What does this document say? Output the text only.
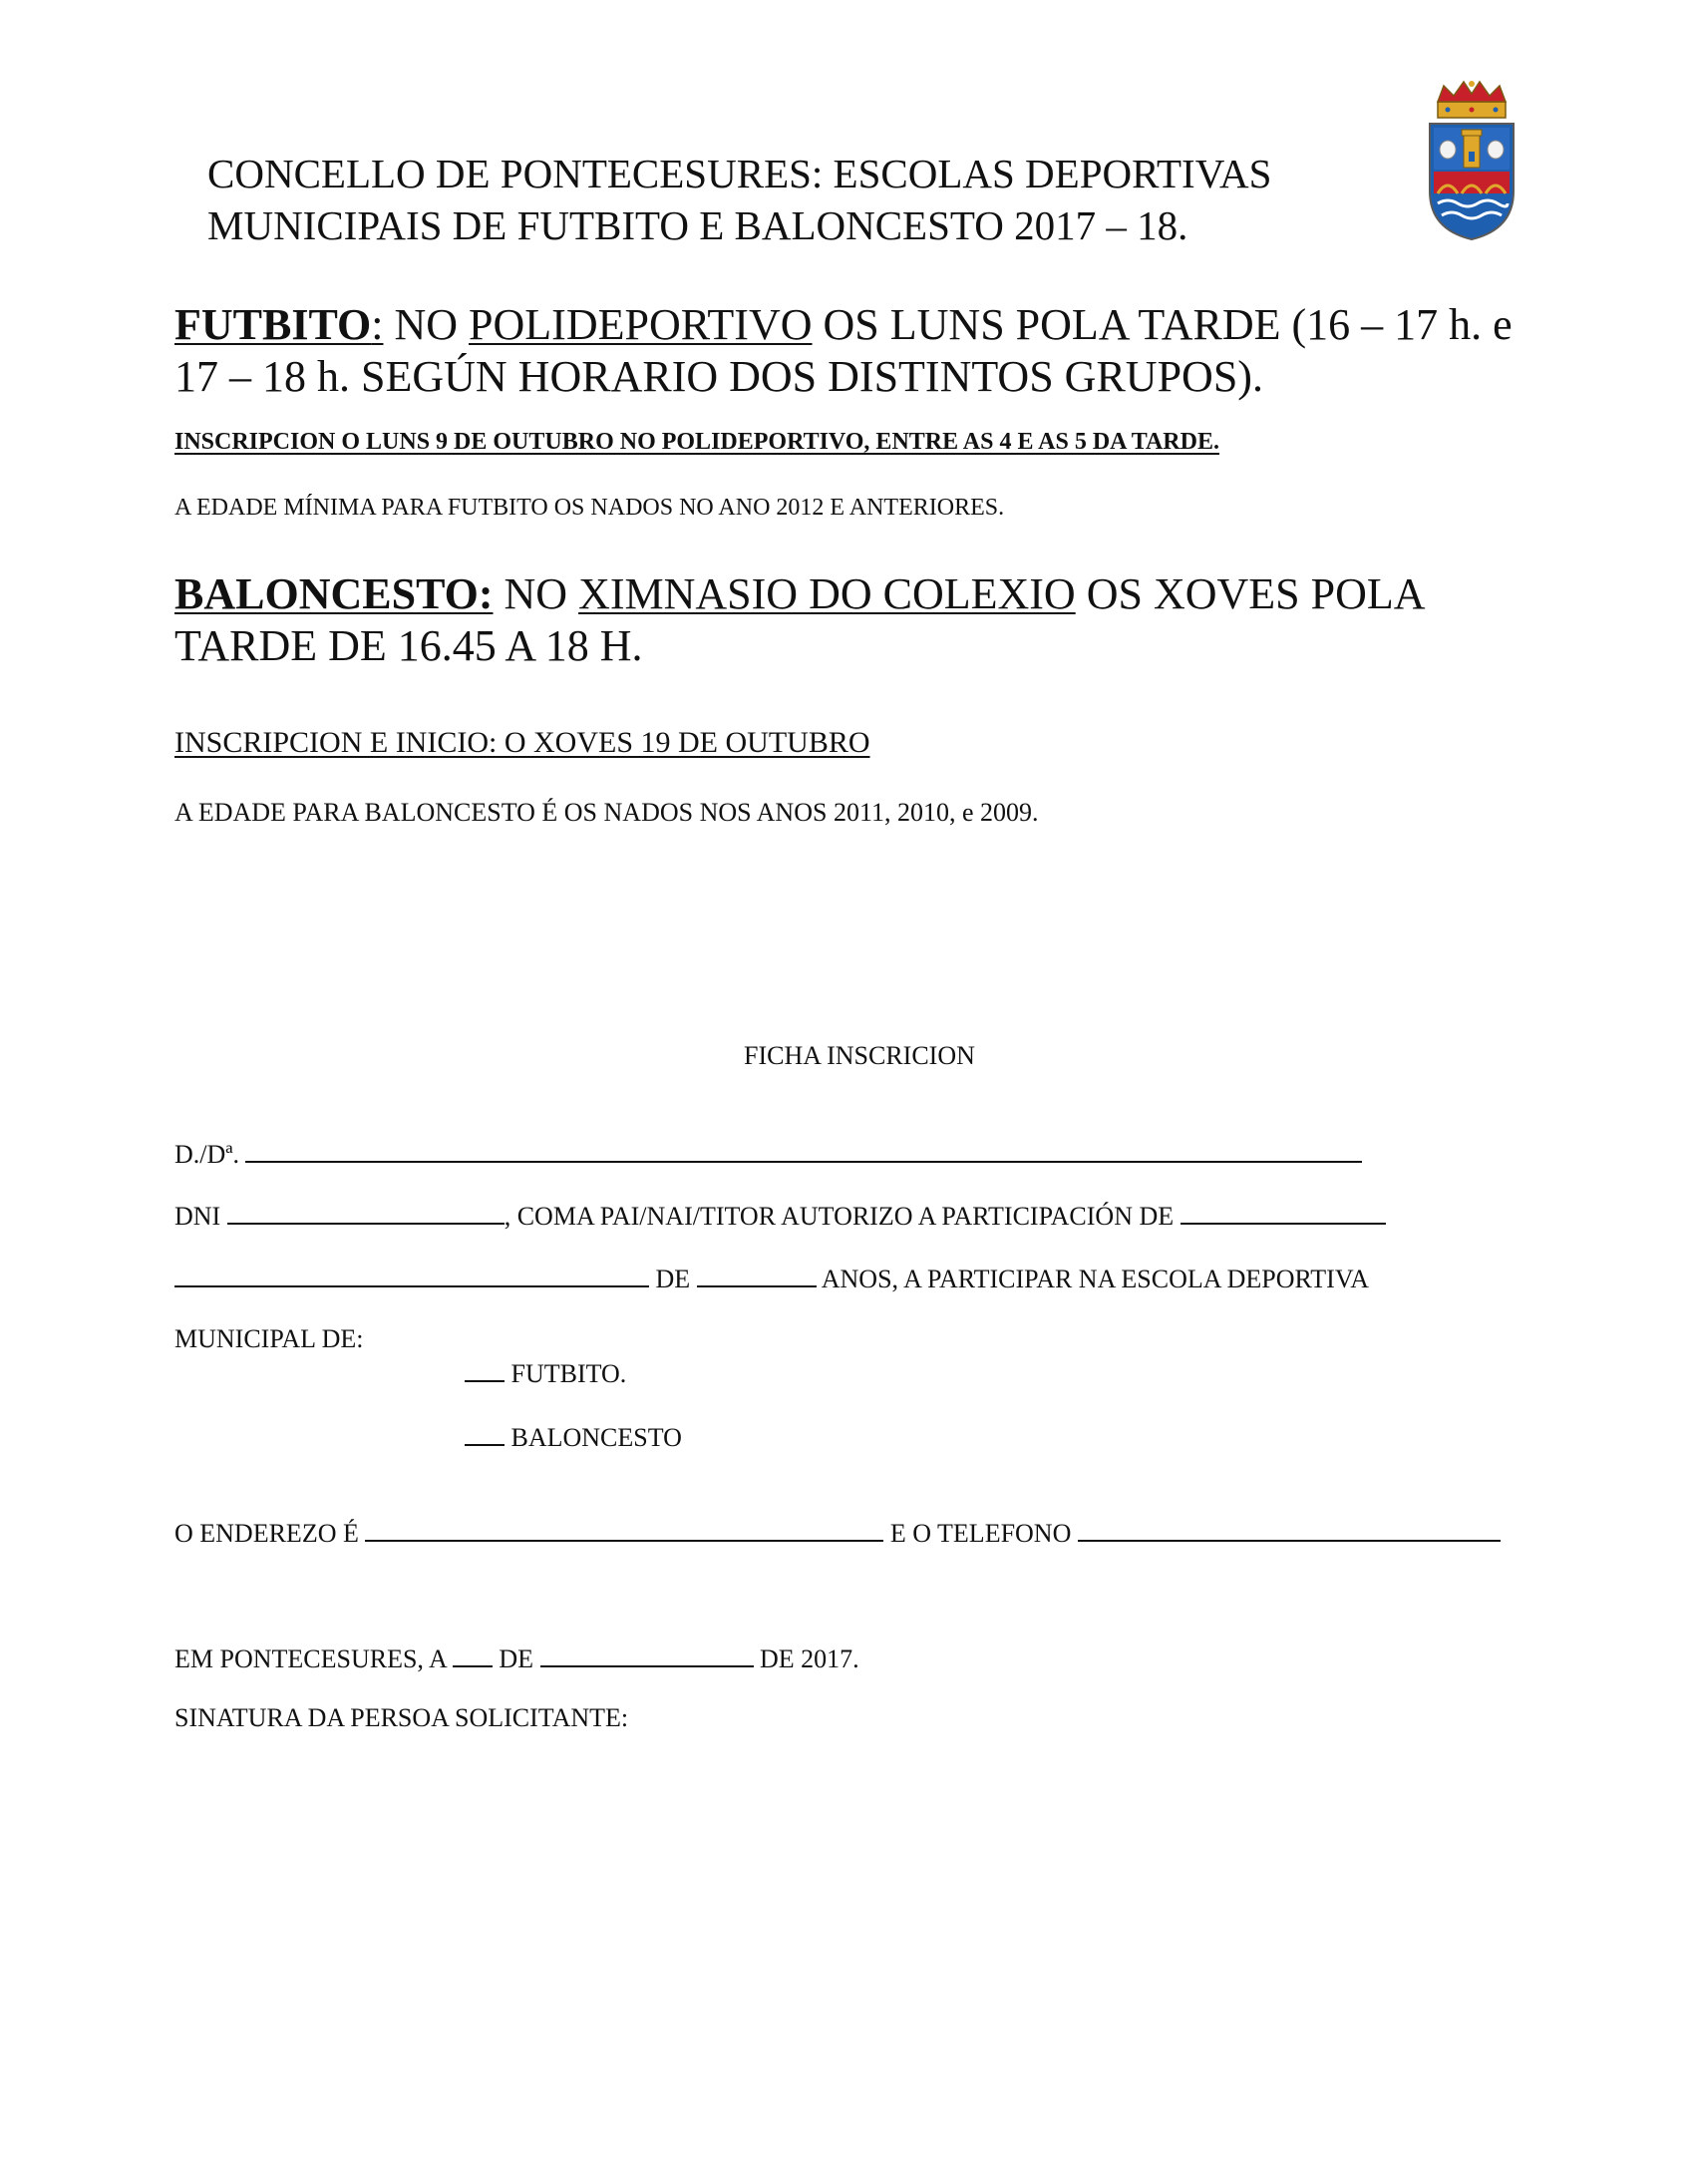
CONCELLO DE PONTECESURES: ESCOLAS DEPORTIVAS
MUNICIPAIS DE FUTBITO E BALONCESTO 2017 – 18.
FUTBITO: NO POLIDEPORTIVO OS LUNS POLA TARDE (16 – 17 h. e
17 – 18 h. SEGÚN HORARIO DOS DISTINTOS GRUPOS).
INSCRIPCION O LUNS 9 DE OUTUBRO NO POLIDEPORTIVO, ENTRE AS 4 E AS 5 DA TARDE.
A EDADE MÍNIMA PARA FUTBITO OS NADOS NO ANO 2012 E ANTERIORES.
BALONCESTO: NO XIMNASIO DO COLEXIO OS XOVES POLA
TARDE DE 16.45 A 18 H.
INSCRIPCION E INICIO: O XOVES 19 DE OUTUBRO
A EDADE PARA BALONCESTO É OS NADOS NOS ANOS 2011, 2010, e 2009.
FICHA INSCRICION
D./Dª.
DNI	, COMA PAI/NAI/TITOR AUTORIZO A PARTICIPACIÓN DE
DE	ANOS, A PARTICIPAR NA ESCOLA DEPORTIVA
MUNICIPAL DE:
FUTBITO.
BALONCESTO
O ENDEREZO É	E O TELEFONO
EM PONTECESURES, A DE	DE 2017.
SINATURA DA PERSOA SOLICITANTE:
